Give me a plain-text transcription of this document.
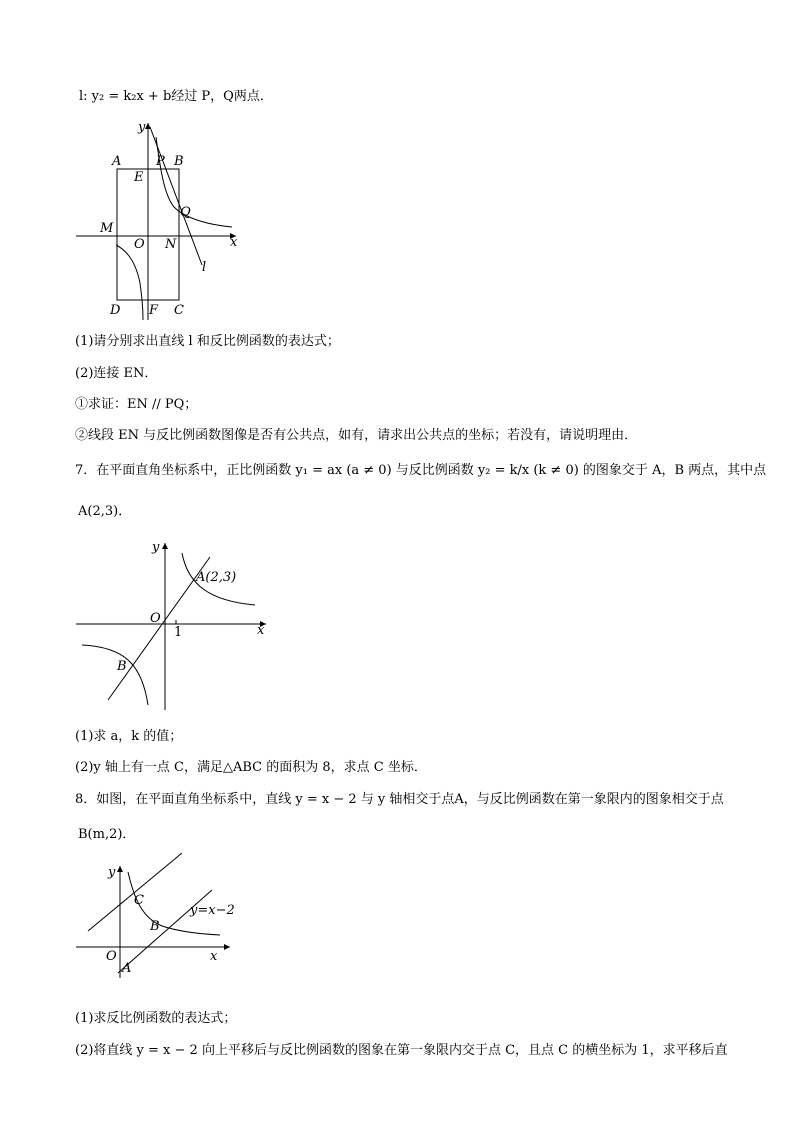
l: y₂ = k₂x + b经过 P，Q两点．
y
x
A	P B
E
Q
M
O N
l
D F C
(1)请分别求出直线 l 和反比例函数的表达式；
(2)连接 EN．
①求证：EN // PQ；
②线段 EN 与反比例函数图像是否有公共点，如有，请求出公共点的坐标；若没有，请说明理由．
7．在平面直角坐标系中，正比例函数 y₁ = ax (a ≠ 0) 与反比例函数 y₂ = k/x (k ≠ 0) 的图象交于 A，B 两点，其中点
A(2,3)．
y
x
A(2,3)
O
1
B
(1)求 a，k 的值；
(2)y 轴上有一点 C，满足△ABC 的面积为 8，求点 C 坐标．
8．如图，在平面直角坐标系中，直线 y = x − 2 与 y 轴相交于点A，与反比例函数在第一象限内的图象相交于点
B(m,2)．
y
x
C
B
O
A
y=x−2
(1)求反比例函数的表达式；
(2)将直线 y = x − 2 向上平移后与反比例函数的图象在第一象限内交于点 C，且点 C 的横坐标为 1，求平移后直
